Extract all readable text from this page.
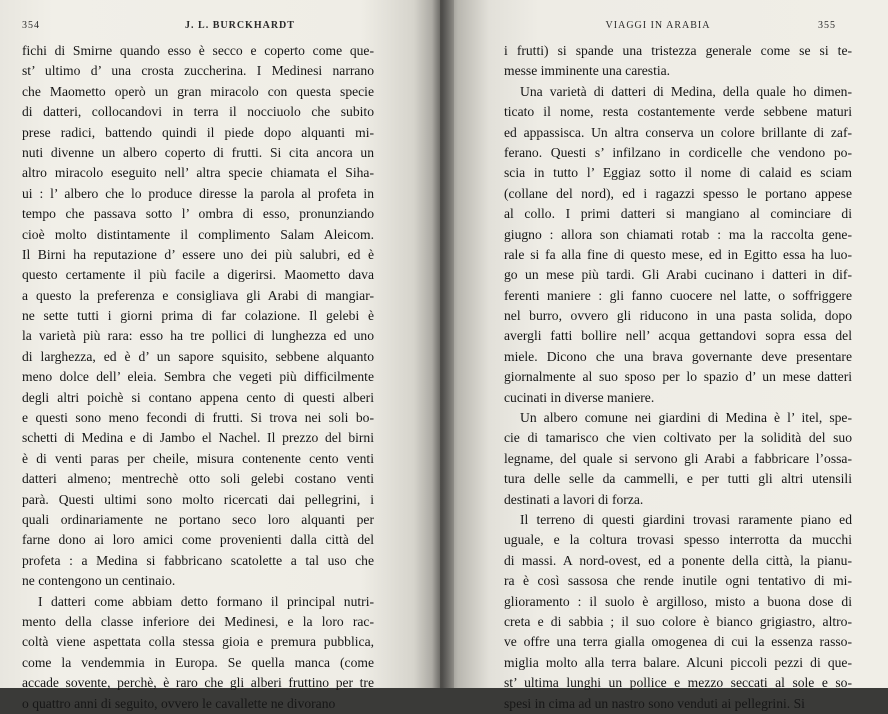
354	J. L. BURCKHARDT
fichi di Smirne quando esso è secco e coperto come que-
st’ ultimo d’ una crosta zuccherina. I Medinesi narrano
che Maometto operò un gran miracolo con questa specie
di datteri, collocandovi in terra il nocciuolo che subito
prese radici, battendo quindi il piede dopo alquanti mi-
nuti divenne un albero coperto di frutti. Si cita ancora un
altro miracolo eseguito nell’ altra specie chiamata el Siha-
ui : l’ albero che lo produce diresse la parola al profeta in
tempo che passava sotto l’ ombra di esso, pronunziando
cioè molto distintamente il complimento Salam Aleicom.
Il Birni ha reputazione d’ essere uno dei più salubri, ed è
questo certamente il più facile a digerirsi. Maometto dava
a questo la preferenza e consigliava gli Arabi di mangiar-
ne sette tutti i giorni prima di far colazione. Il gelebi è
la varietà più rara: esso ha tre pollici di lunghezza ed uno
di larghezza, ed è d’ un sapore squisito, sebbene alquanto
meno dolce dell’ eleia. Sembra che vegeti più difficilmente
degli altri poichè si contano appena cento di questi alberi
e questi sono meno fecondi di frutti. Si trova nei soli bo-
schetti di Medina e di Jambo el Nachel. Il prezzo del birni
è di venti paras per cheile, misura contenente cento venti
datteri almeno; mentrechè otto soli gelebi costano venti
parà. Questi ultimi sono molto ricercati dai pellegrini, i
quali ordinariamente ne portano seco loro alquanti per
farne dono ai loro amici come provenienti dalla città del
profeta : a Medina si fabbricano scatolette a tal uso che
ne contengono un centinaio.
I datteri come abbiam detto formano il principal nutri-
mento della classe inferiore dei Medinesi, e la loro rac-
coltà viene aspettata colla stessa gioia e premura pubblica,
come la vendemmia in Europa. Se quella manca (come
accade sovente, perchè, è raro che gli alberi fruttino per tre
o quattro anni di seguito, ovvero le cavallette ne divorano
VIAGGI IN ARABIA	355
i frutti) si spande una tristezza generale come se si te-
messe imminente una carestia.
Una varietà di datteri di Medina, della quale ho dimen-
ticato il nome, resta costantemente verde sebbene maturi
ed appassisca. Un altra conserva un colore brillante di zaf-
ferano. Questi s’ infilzano in cordicelle che vendono po-
scia in tutto l’ Eggiaz sotto il nome di calaid es sciam
(collane del nord), ed i ragazzi spesso le portano appese
al collo. I primi datteri si mangiano al cominciare di
giugno : allora son chiamati rotab : ma la raccolta gene-
rale si fa alla fine di questo mese, ed in Egitto essa ha luo-
go un mese più tardi. Gli Arabi cucinano i datteri in dif-
ferenti maniere : gli fanno cuocere nel latte, o soffriggere
nel burro, ovvero gli riducono in una pasta solida, dopo
avergli fatti bollire nell’ acqua gettandovi sopra essa del
miele. Dicono che una brava governante deve presentare
giornalmente al suo sposo per lo spazio d’ un mese datteri
cucinati in diverse maniere.
Un albero comune nei giardini di Medina è l’ itel, spe-
cie di tamarisco che vien coltivato per la solidità del suo
legname, del quale si servono gli Arabi a fabbricare l’ossa-
tura delle selle da cammelli, e per tutti gli altri utensili
destinati a lavori di forza.
Il terreno di questi giardini trovasi raramente piano ed
uguale, e la coltura trovasi spesso interrotta da mucchi
di massi. A nord-ovest, ed a ponente della città, la pianu-
ra è così sassosa che rende inutile ogni tentativo di mi-
glioramento : il suolo è argilloso, misto a buona dose di
creta e di sabbia ; il suo colore è bianco grigiastro, altro-
ve offre una terra gialla omogenea di cui la essenza rasso-
miglia molto alla terra balare. Alcuni piccoli pezzi di que-
st’ ultima lunghi un pollice e mezzo seccati al sole e so-
spesi in cima ad un nastro sono venduti ai pellegrini. Si
